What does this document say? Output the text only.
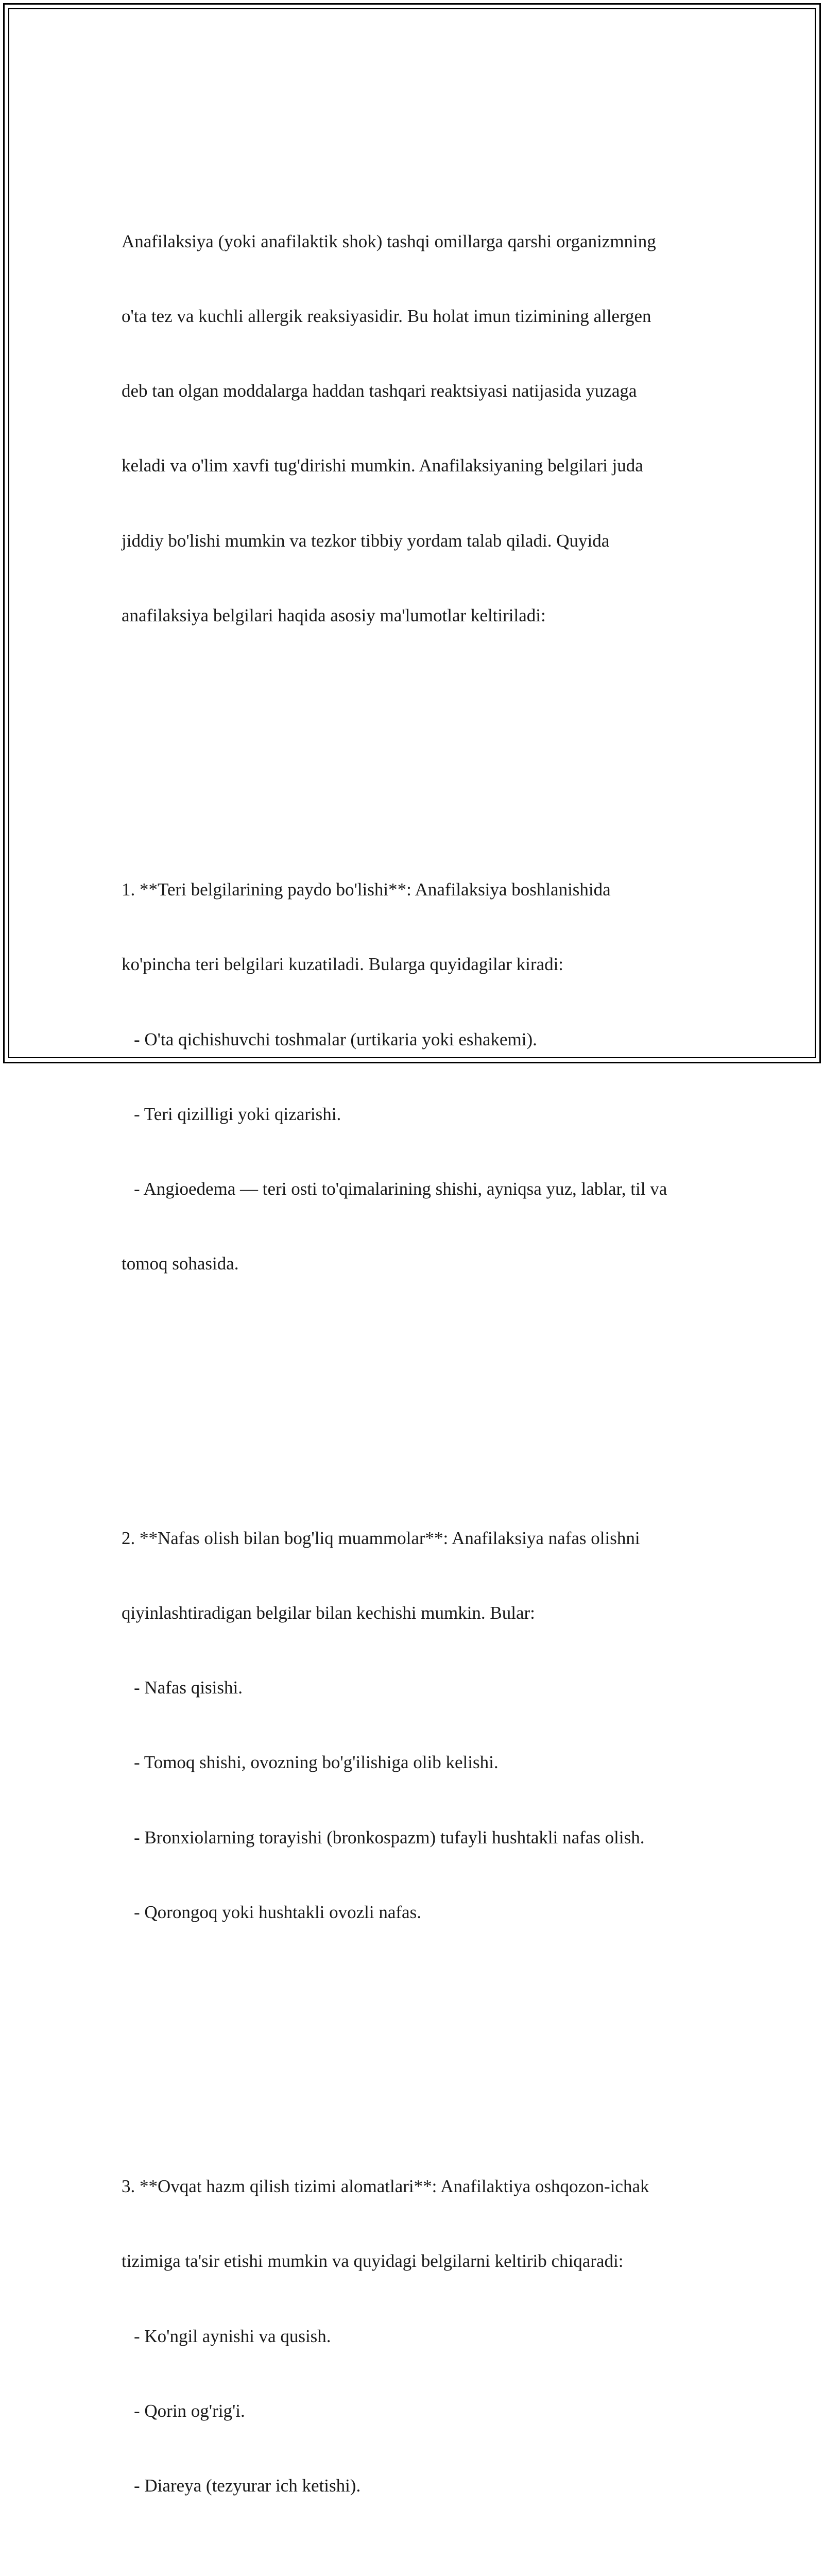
Anafilaksiya (yoki anafilaktik shok) tashqi omillarga qarshi organizmning

o'ta tez va kuchli allergik reaksiyasidir. Bu holat imun tizimining allergen

deb tan olgan moddalarga haddan tashqari reaktsiyasi natijasida yuzaga

keladi va o'lim xavfi tug'dirishi mumkin. Anafilaksiyaning belgilari juda

jiddiy bo'lishi mumkin va tezkor tibbiy yordam talab qiladi. Quyida

anafilaksiya belgilari haqida asosiy ma'lumotlar keltiriladi:

1. **Teri belgilarining paydo bo'lishi**: Anafilaksiya boshlanishida

ko'pincha teri belgilari kuzatiladi. Bularga quyidagilar kiradi:

- O'ta qichishuvchi toshmalar (urtikaria yoki eshakemi).

- Teri qizilligi yoki qizarishi.

- Angioedema — teri osti to'qimalarining shishi, ayniqsa yuz, lablar, til va

tomoq sohasida.

2. **Nafas olish bilan bog'liq muammolar**: Anafilaksiya nafas olishni

qiyinlashtiradigan belgilar bilan kechishi mumkin. Bular:

- Nafas qisishi.

- Tomoq shishi, ovozning bo'g'ilishiga olib kelishi.

- Bronxiolarning torayishi (bronkospazm) tufayli hushtakli nafas olish.

- Qorongoq yoki hushtakli ovozli nafas.

3. **Ovqat hazm qilish tizimi alomatlari**: Anafilaktiya oshqozon-ichak

tizimiga ta'sir etishi mumkin va quyidagi belgilarni keltirib chiqaradi:

- Ko'ngil aynishi va qusish.

- Qorin og'rig'i.

- Diareya (tezyurar ich ketishi).
